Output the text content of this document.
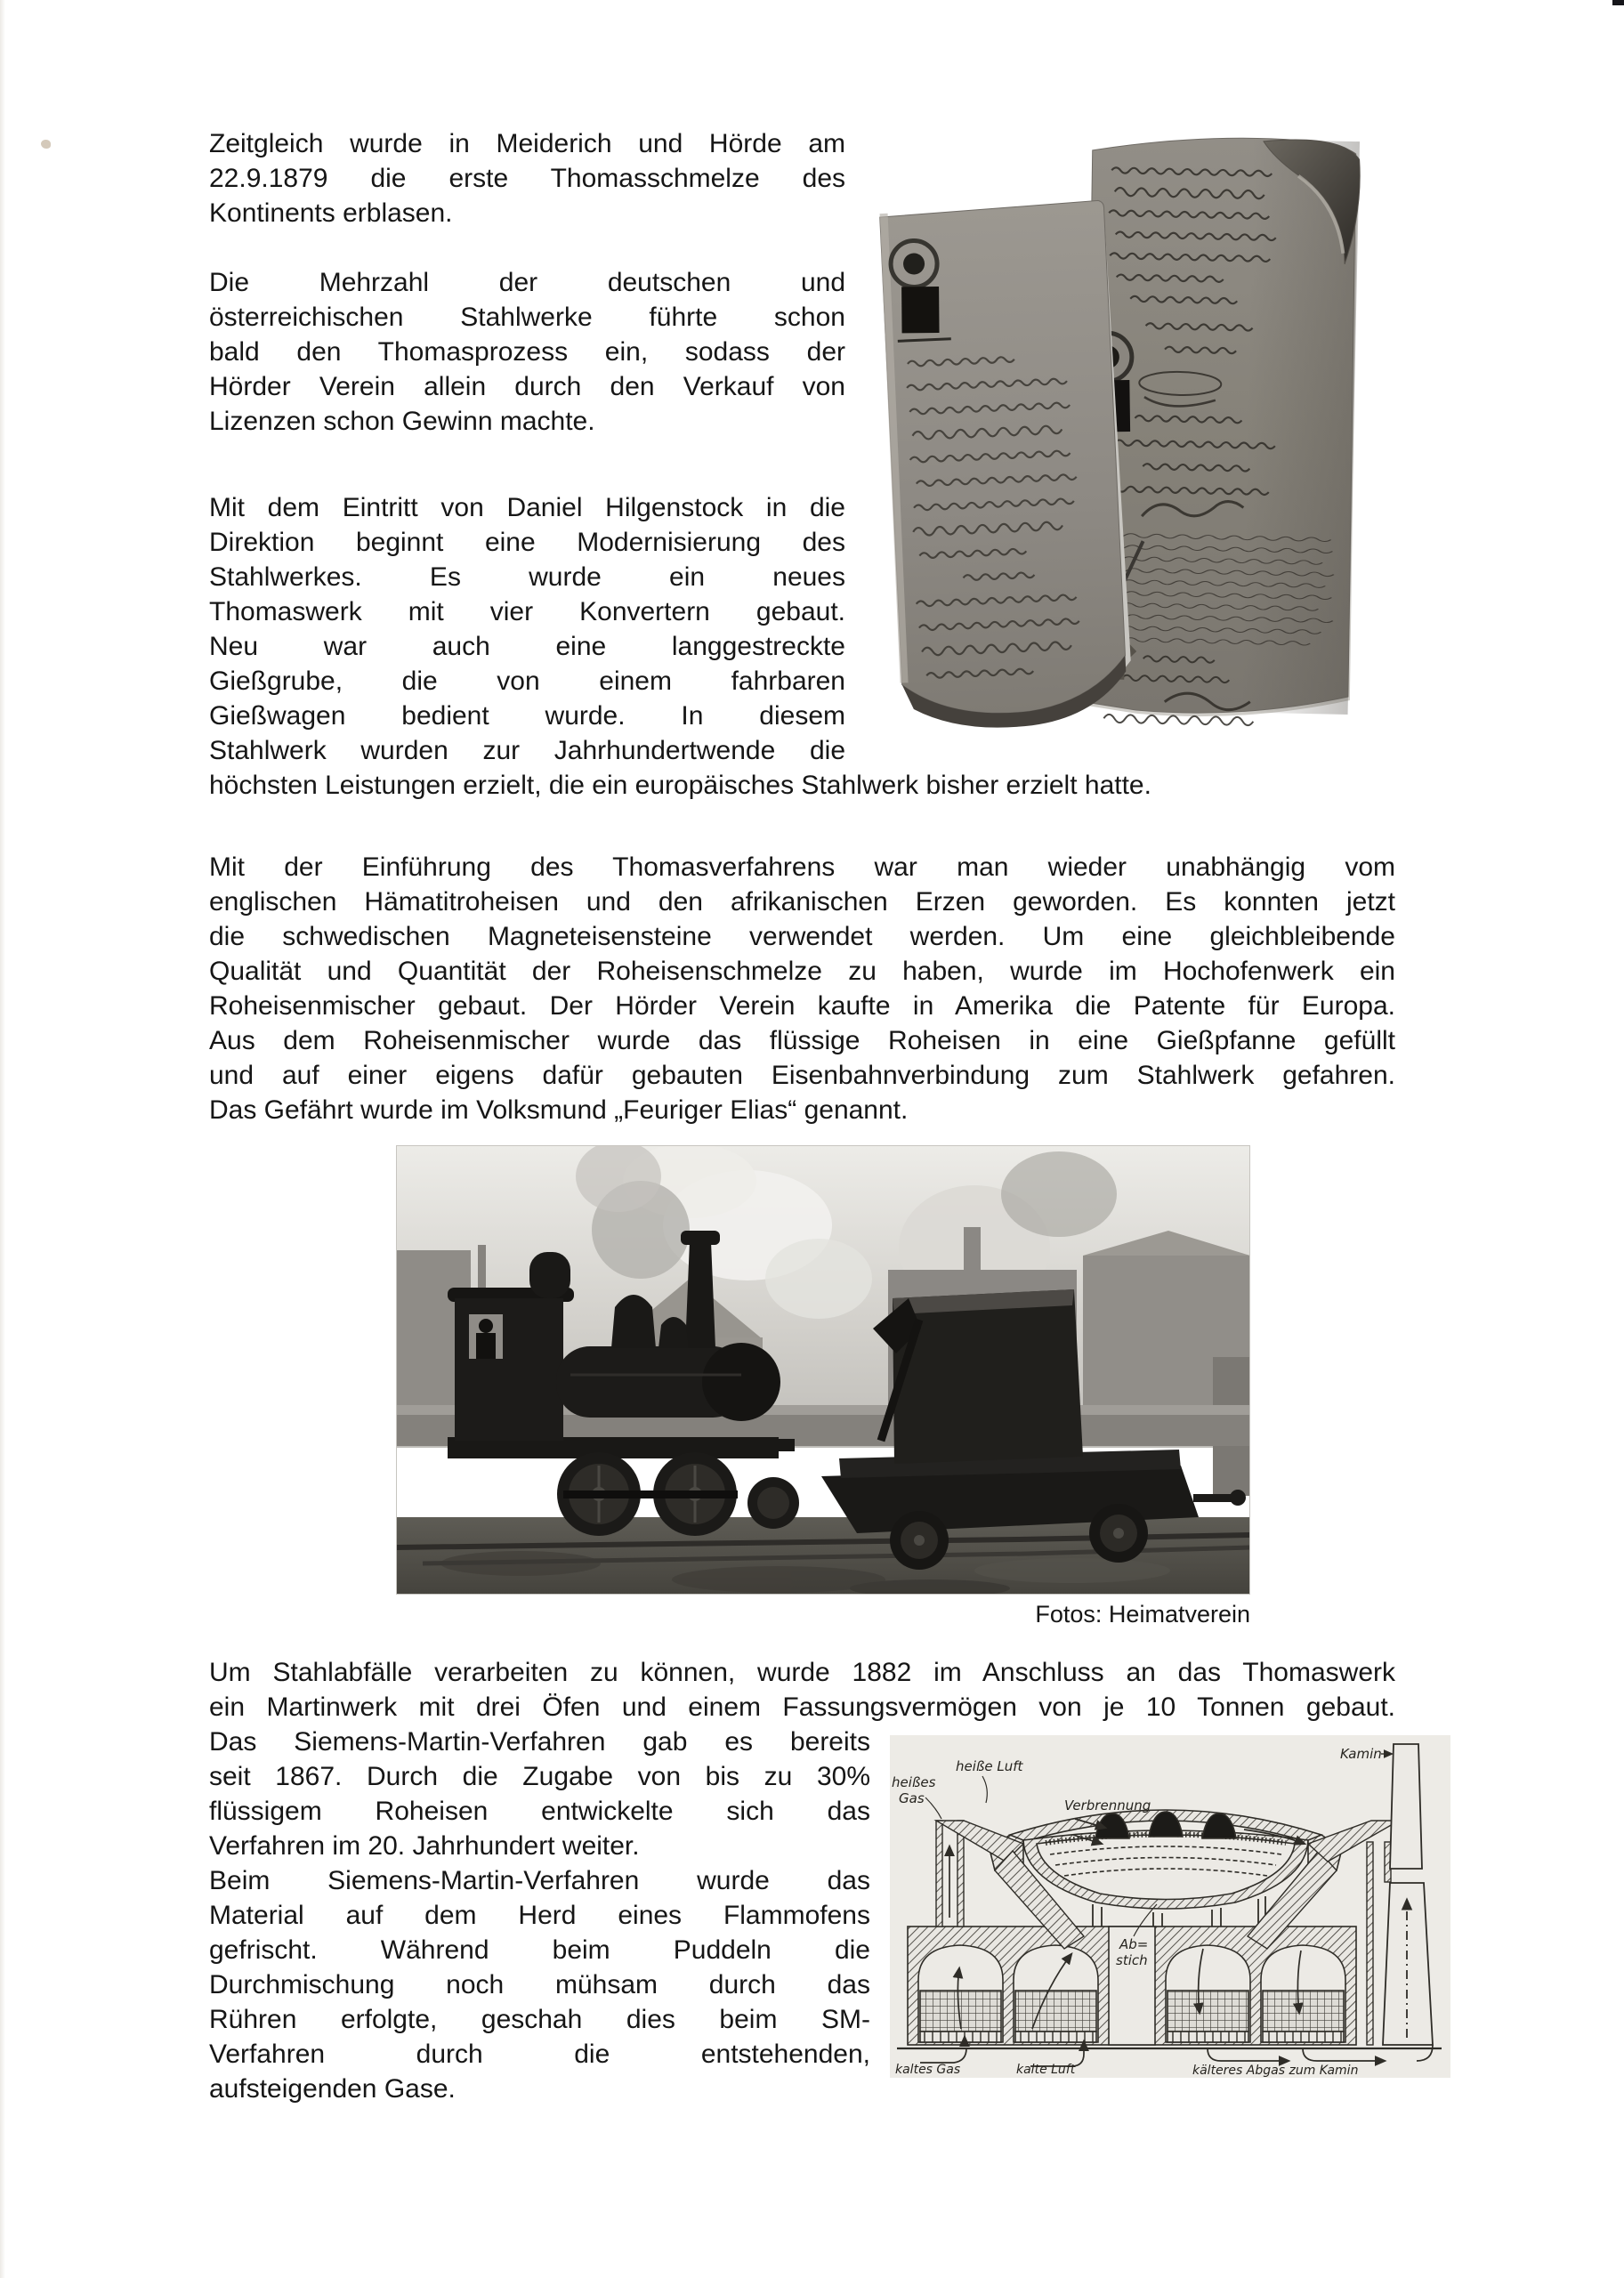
Zeitgleich wurde in Meiderich und Hörde am
22.9.1879 die erste Thomasschmelze des
Kontinents erblasen.
Die Mehrzahl der deutschen und
österreichischen Stahlwerke führte schon
bald den Thomasprozess ein, sodass der
Hörder Verein allein durch den Verkauf von
Lizenzen schon Gewinn machte.
Mit dem Eintritt von Daniel Hilgenstock in die
Direktion beginnt eine Modernisierung des
Stahlwerkes. Es wurde ein neues
Thomaswerk mit vier Konvertern gebaut.
Neu war auch eine langgestreckte
Gießgrube, die von einem fahrbaren
Gießwagen bedient wurde. In diesem
Stahlwerk wurden zur Jahrhundertwende die
höchsten Leistungen erzielt, die ein europäisches Stahlwerk bisher erzielt hatte.
Mit der Einführung des Thomasverfahrens war man wieder unabhängig vom
englischen Hämatitroheisen und den afrikanischen Erzen geworden. Es konnten jetzt
die schwedischen Magneteisensteine verwendet werden. Um eine gleichbleibende
Qualität und Quantität der Roheisenschmelze zu haben, wurde im Hochofenwerk ein
Roheisenmischer gebaut. Der Hörder Verein kaufte in Amerika die Patente für Europa.
Aus dem Roheisenmischer wurde das flüssige Roheisen in eine Gießpfanne gefüllt
und auf einer eigens dafür gebauten Eisenbahnverbindung zum Stahlwerk gefahren.
Das Gefährt wurde im Volksmund „Feuriger Elias“ genannt.
Fotos: Heimatverein
Um Stahlabfälle verarbeiten zu können, wurde 1882 im Anschluss an das Thomaswerk
ein Martinwerk mit drei Öfen und einem Fassungsvermögen von je 10 Tonnen gebaut.
heißes
Gas
heiße Luft
Verbrennung
Ab=
stich
Kamin
kaltes Gas	kalte Luft	kälteres Abgas zum Kamin
Das Siemens-Martin-Verfahren gab es bereits
seit 1867. Durch die Zugabe von bis zu 30%
flüssigem Roheisen entwickelte sich das
Verfahren im 20. Jahrhundert weiter.
Beim Siemens-Martin-Verfahren wurde das
Material auf dem Herd eines Flammofens
gefrischt. Während beim Puddeln die
Durchmischung noch mühsam durch das
Rühren erfolgte, geschah dies beim SM-
Verfahren durch die entstehenden,
aufsteigenden Gase.
